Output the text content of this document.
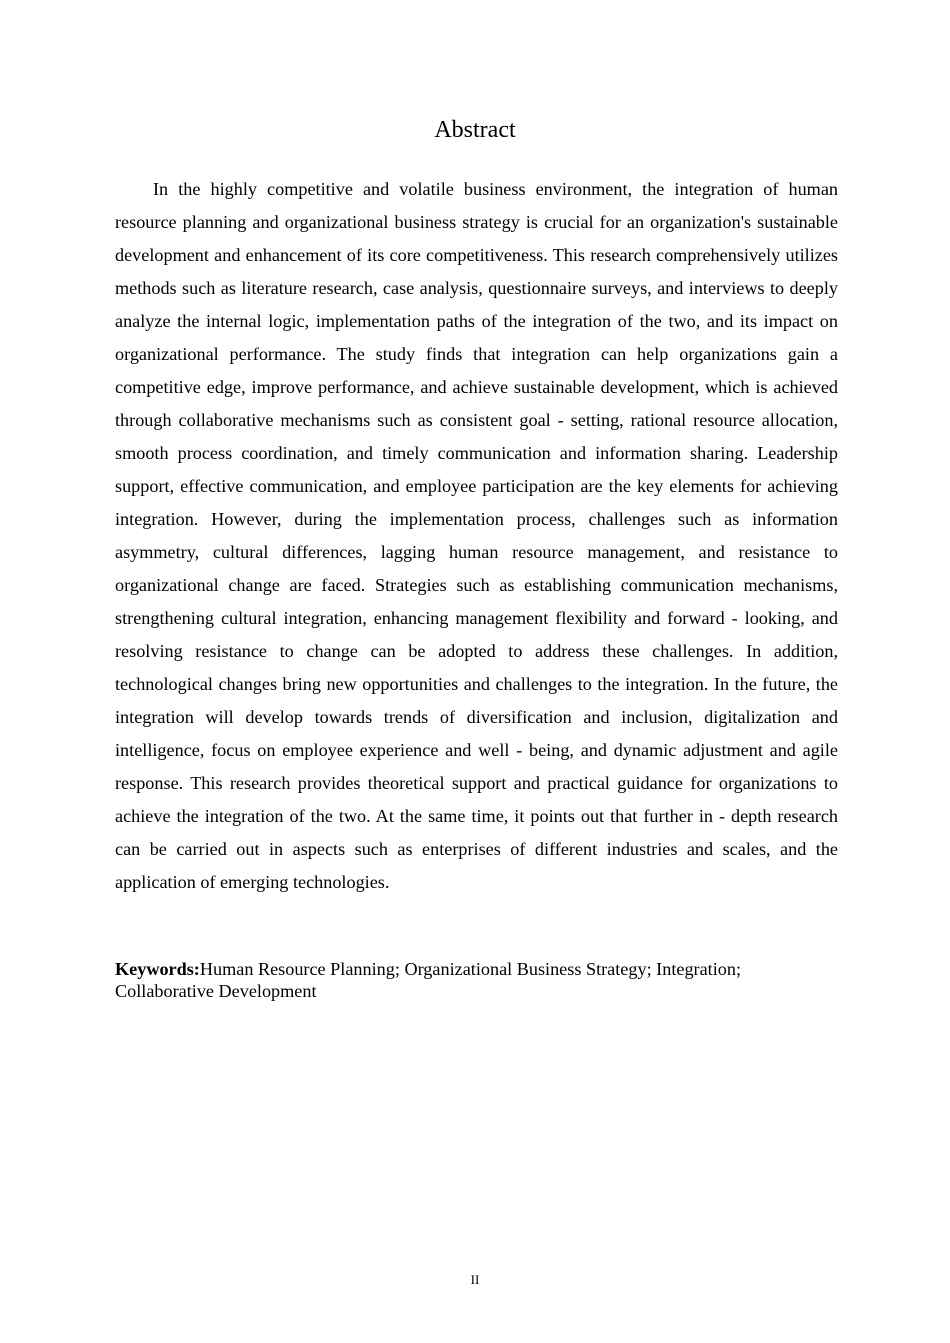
Abstract

In the highly competitive and volatile business environment, the integration of human resource planning and organizational business strategy is crucial for an organization's sustainable development and enhancement of its core competitiveness. This research comprehensively utilizes methods such as literature research, case analysis, questionnaire surveys, and interviews to deeply analyze the internal logic, implementation paths of the integration of the two, and its impact on organizational performance. The study finds that integration can help organizations gain a competitive edge, improve performance, and achieve sustainable development, which is achieved through collaborative mechanisms such as consistent goal - setting, rational resource allocation, smooth process coordination, and timely communication and information sharing. Leadership support, effective communication, and employee participation are the key elements for achieving integration. However, during the implementation process, challenges such as information asymmetry, cultural differences, lagging human resource management, and resistance to organizational change are faced. Strategies such as establishing communication mechanisms, strengthening cultural integration, enhancing management flexibility and forward - looking, and resolving resistance to change can be adopted to address these challenges. In addition, technological changes bring new opportunities and challenges to the integration. In the future, the integration will develop towards trends of diversification and inclusion, digitalization and intelligence, focus on employee experience and well - being, and dynamic adjustment and agile response. This research provides theoretical support and practical guidance for organizations to achieve the integration of the two. At the same time, it points out that further in - depth research can be carried out in aspects such as enterprises of different industries and scales, and the application of emerging technologies.

Keywords:Human Resource Planning; Organizational Business Strategy; Integration; Collaborative Development

II
